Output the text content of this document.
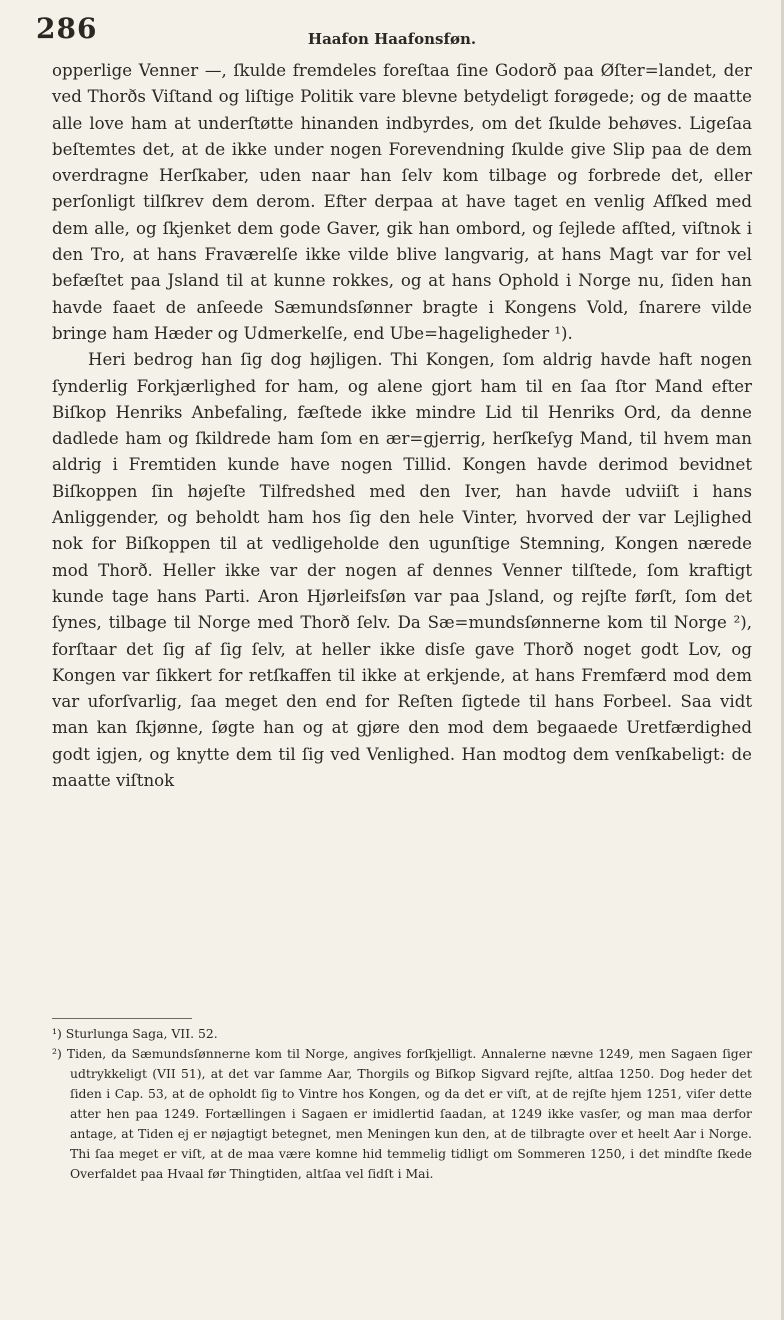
286	Haafon Haafonsføn.

opperlige Venner —, ſkulde fremdeles foreſtaa ſine Godorð paa Øſter=landet, der ved Thorðs Viſtand og liſtige Politik vare blevne betydeligt forøgede; og de maatte alle love ham at underſtøtte hinanden indbyrdes, om det ſkulde behøves. Ligeſaa beſtemtes det, at de ikke under nogen Forevendning ſkulde give Slip paa de dem overdragne Herſkaber, uden naar han ſelv kom tilbage og forbrede det, eller perſonligt tilſkrev dem derom. Efter derpaa at have taget en venlig Afſked med dem alle, og ſkjenket dem gode Gaver, gik han ombord, og ſejlede afſted, viſtnok i den Tro, at hans Fraværelſe ikke vilde blive langvarig, at hans Magt var for vel befæſtet paa Jsland til at kunne rokkes, og at hans Ophold i Norge nu, ſiden han havde faaet de anſeede Sæmundsſønner bragte i Kongens Vold, ſnarere vilde bringe ham Hæder og Udmerkelſe, end Ube=hageligheder ¹).

Heri bedrog han ſig dog højligen. Thi Kongen, ſom aldrig havde haft nogen ſynderlig Forkjærlighed for ham, og alene gjort ham til en ſaa ſtor Mand efter Biſkop Henriks Anbefaling, fæſtede ikke mindre Lid til Henriks Ord, da denne dadlede ham og ſkildrede ham ſom en ær=gjerrig, herſkeſyg Mand, til hvem man aldrig i Fremtiden kunde have nogen Tillid. Kongen havde derimod bevidnet Biſkoppen ſin højeſte Tilfredshed med den Iver, han havde udviiſt i hans Anliggender, og beholdt ham hos ſig den hele Vinter, hvorved der var Lejlighed nok for Biſkoppen til at vedligeholde den ugunſtige Stemning, Kongen nærede mod Thorð. Heller ikke var der nogen af dennes Venner tilſtede, ſom kraftigt kunde tage hans Parti. Aron Hjørleifsſøn var paa Jsland, og rejſte førſt, ſom det ſynes, tilbage til Norge med Thorð ſelv. Da Sæ=mundsſønnerne kom til Norge ²), forſtaar det ſig af ſig ſelv, at heller ikke disſe gave Thorð noget godt Lov, og Kongen var ſikkert for retſkaffen til ikke at erkjende, at hans Fremfærd mod dem var uforſvarlig, ſaa meget den end for Reſten ſigtede til hans Forbeel. Saa vidt man kan ſkjønne, ſøgte han og at gjøre den mod dem begaaede Uretfærdighed godt igjen, og knytte dem til ſig ved Venlighed. Han modtog dem venſkabeligt: de maatte viſtnok

¹) Sturlunga Saga, VII. 52.

²) Tiden, da Sæmundsſønnerne kom til Norge, angives forſkjelligt. Annalerne nævne 1249, men Sagaen ſiger udtrykkeligt (VII 51), at det var ſamme Aar, Thorgils og Biſkop Sigvard rejſte, altſaa 1250. Dog heder det ſiden i Cap. 53, at de opholdt ſig to Vintre hos Kongen, og da det er viſt, at de rejſte hjem 1251, viſer dette atter hen paa 1249. Fortællingen i Sagaen er imidlertid ſaadan, at 1249 ikke vasſer, og man maa derfor antage, at Tiden ej er nøjagtigt betegnet, men Meningen kun den, at de tilbragte over et heelt Aar i Norge. Thi ſaa meget er viſt, at de maa være komne hid temmelig tidligt om Sommeren 1250, i det mindſte ſkede Overfaldet paa Hvaal før Thingtiden, altſaa vel ſidſt i Mai.
